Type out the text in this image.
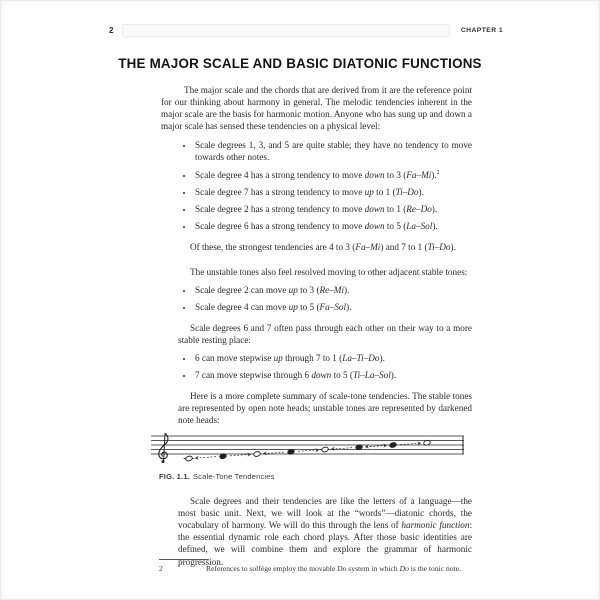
2	CHAPTER 1
THE MAJOR SCALE AND BASIC DIATONIC FUNCTIONS

The major scale and the chords that are derived from it are the reference point for our thinking about harmony in general. The melodic tendencies inherent in the major scale are the basis for harmonic motion. Anyone who has sung up and down a major scale has sensed these tendencies on a physical level:

• Scale degrees 1, 3, and 5 are quite stable; they have no tendency to move towards other notes.
• Scale degree 4 has a strong tendency to move down to 3 (Fa–Mi).$^2$
• Scale degree 7 has a strong tendency to move up to 1 (Ti–Do).
• Scale degree 2 has a strong tendency to move down to 1 (Re–Do).
• Scale degree 6 has a strong tendency to move down to 5 (La–Sol).

Of these, the strongest tendencies are 4 to 3 (Fa–Mi) and 7 to 1 (Ti–Do).

The unstable tones also feel resolved moving to other adjacent stable tones:

• Scale degree 2 can move up to 3 (Re–Mi).
• Scale degree 4 can move up to 5 (Fa–Sol).

Scale degrees 6 and 7 often pass through each other on their way to a more stable resting place:

• 6 can move stepwise up through 7 to 1 (La–Ti–Do).
• 7 can move stepwise through 6 down to 5 (Ti–La–Sol).

Here is a more complete summary of scale-tone tendencies. The stable tones are represented by open note heads; unstable tones are represented by darkened note heads:

FIG. 1.1. Scale-Tone Tendencies

Scale degrees and their tendencies are like the letters of a language—the most basic unit. Next, we will look at the “words”—diatonic chords, the vocabulary of harmony. We will do this through the lens of harmonic function: the essential dynamic role each chord plays. After those basic identities are defined, we will combine them and explore the grammar of harmonic progression.

2	References to solfège employ the movable Do system in which Do is the tonic note.
